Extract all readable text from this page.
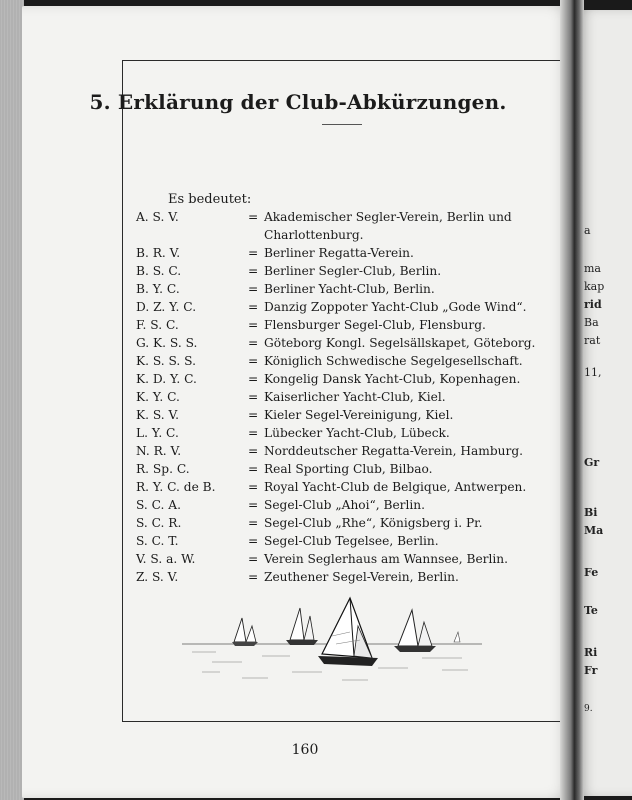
a
ma
kap
rid
Ba
rat
11,
Gr
Bi
Ma
Fe
Te
Ri
Fr
9.
5. Erklärung der Club-Abkürzungen.
Es bedeutet:
A. S. V.	= Akademischer Segler-Verein, Berlin und Charlottenburg.
B. R. V.	= Berliner Regatta-Verein.
B. S. C.	= Berliner Segler-Club, Berlin.
B. Y. C.	= Berliner Yacht-Club, Berlin.
D. Z. Y. C.	= Danzig Zoppoter Yacht-Club „Gode Wind“.
F. S. C.	= Flensburger Segel-Club, Flensburg.
G. K. S. S.	= Göteborg Kongl. Segelsällskapet, Göteborg.
K. S. S. S.	= Königlich Schwedische Segelgesellschaft.
K. D. Y. C.	= Kongelig Dansk Yacht-Club, Kopenhagen.
K. Y. C.	= Kaiserlicher Yacht-Club, Kiel.
K. S. V.	= Kieler Segel-Vereinigung, Kiel.
L. Y. C.	= Lübecker Yacht-Club, Lübeck.
N. R. V.	= Norddeutscher Regatta-Verein, Hamburg.
R. Sp. C.	= Real Sporting Club, Bilbao.
R. Y. C. de B.	= Royal Yacht-Club de Belgique, Antwerpen.
S. C. A.	= Segel-Club „Ahoi“, Berlin.
S. C. R.	= Segel-Club „Rhe“, Königsberg i. Pr.
S. C. T.	= Segel-Club Tegelsee, Berlin.
V. S. a. W.	= Verein Seglerhaus am Wannsee, Berlin.
Z. S. V.	= Zeuthener Segel-Verein, Berlin.
160
